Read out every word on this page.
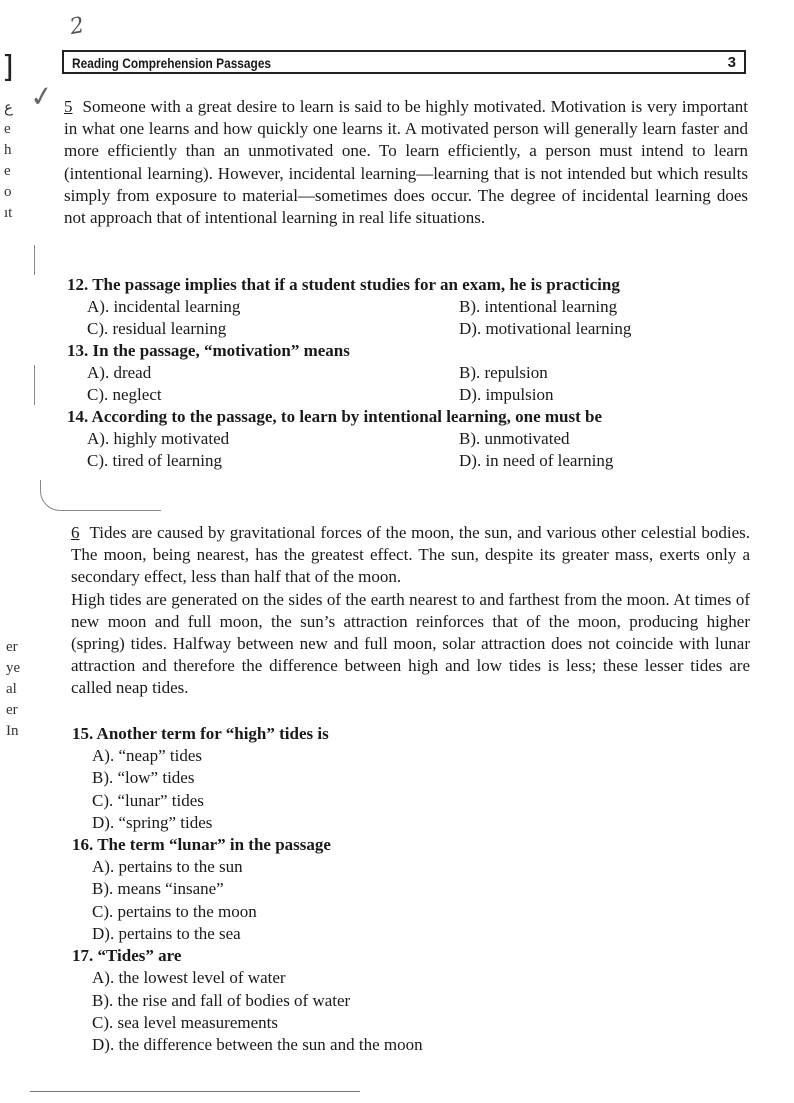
2
]
ع
e
h
e
o
ıt
er
ye
al
er
In
Reading Comprehension Passages	3
✓ 5 Someone with a great desire to learn is said to be highly motivated. Motivation is very important in what one learns and how quickly one learns it. A motivated person will generally learn faster and more efficiently than an unmotivated one. To learn efficiently, a person must intend to learn (intentional learning). However, incidental learning—learning that is not intended but which results simply from exposure to material—sometimes does occur. The degree of incidental learning does not approach that of intentional learning in real life situations.

12. The passage implies that if a student studies for an exam, he is practicing
A). incidental learning	B). intentional learning
C). residual learning	D). motivational learning
13. In the passage, “motivation” means
A). dread	B). repulsion
C). neglect	D). impulsion
14. According to the passage, to learn by intentional learning, one must be
A). highly motivated	B). unmotivated
C). tired of learning	D). in need of learning

6 Tides are caused by gravitational forces of the moon, the sun, and various other celestial bodies. The moon, being nearest, has the greatest effect. The sun, despite its greater mass, exerts only a secondary effect, less than half that of the moon.

High tides are generated on the sides of the earth nearest to and farthest from the moon. At times of new moon and full moon, the sun’s attraction reinforces that of the moon, producing higher (spring) tides. Halfway between new and full moon, solar attraction does not coincide with lunar attraction and therefore the difference between high and low tides is less; these lesser tides are called neap tides.

15. Another term for “high” tides is
A). “neap” tides
B). “low” tides
C). “lunar” tides
D). “spring” tides
16. The term “lunar” in the passage
A). pertains to the sun
B). means “insane”
C). pertains to the moon
D). pertains to the sea
17. “Tides” are
A). the lowest level of water
B). the rise and fall of bodies of water
C). sea level measurements
D). the difference between the sun and the moon
